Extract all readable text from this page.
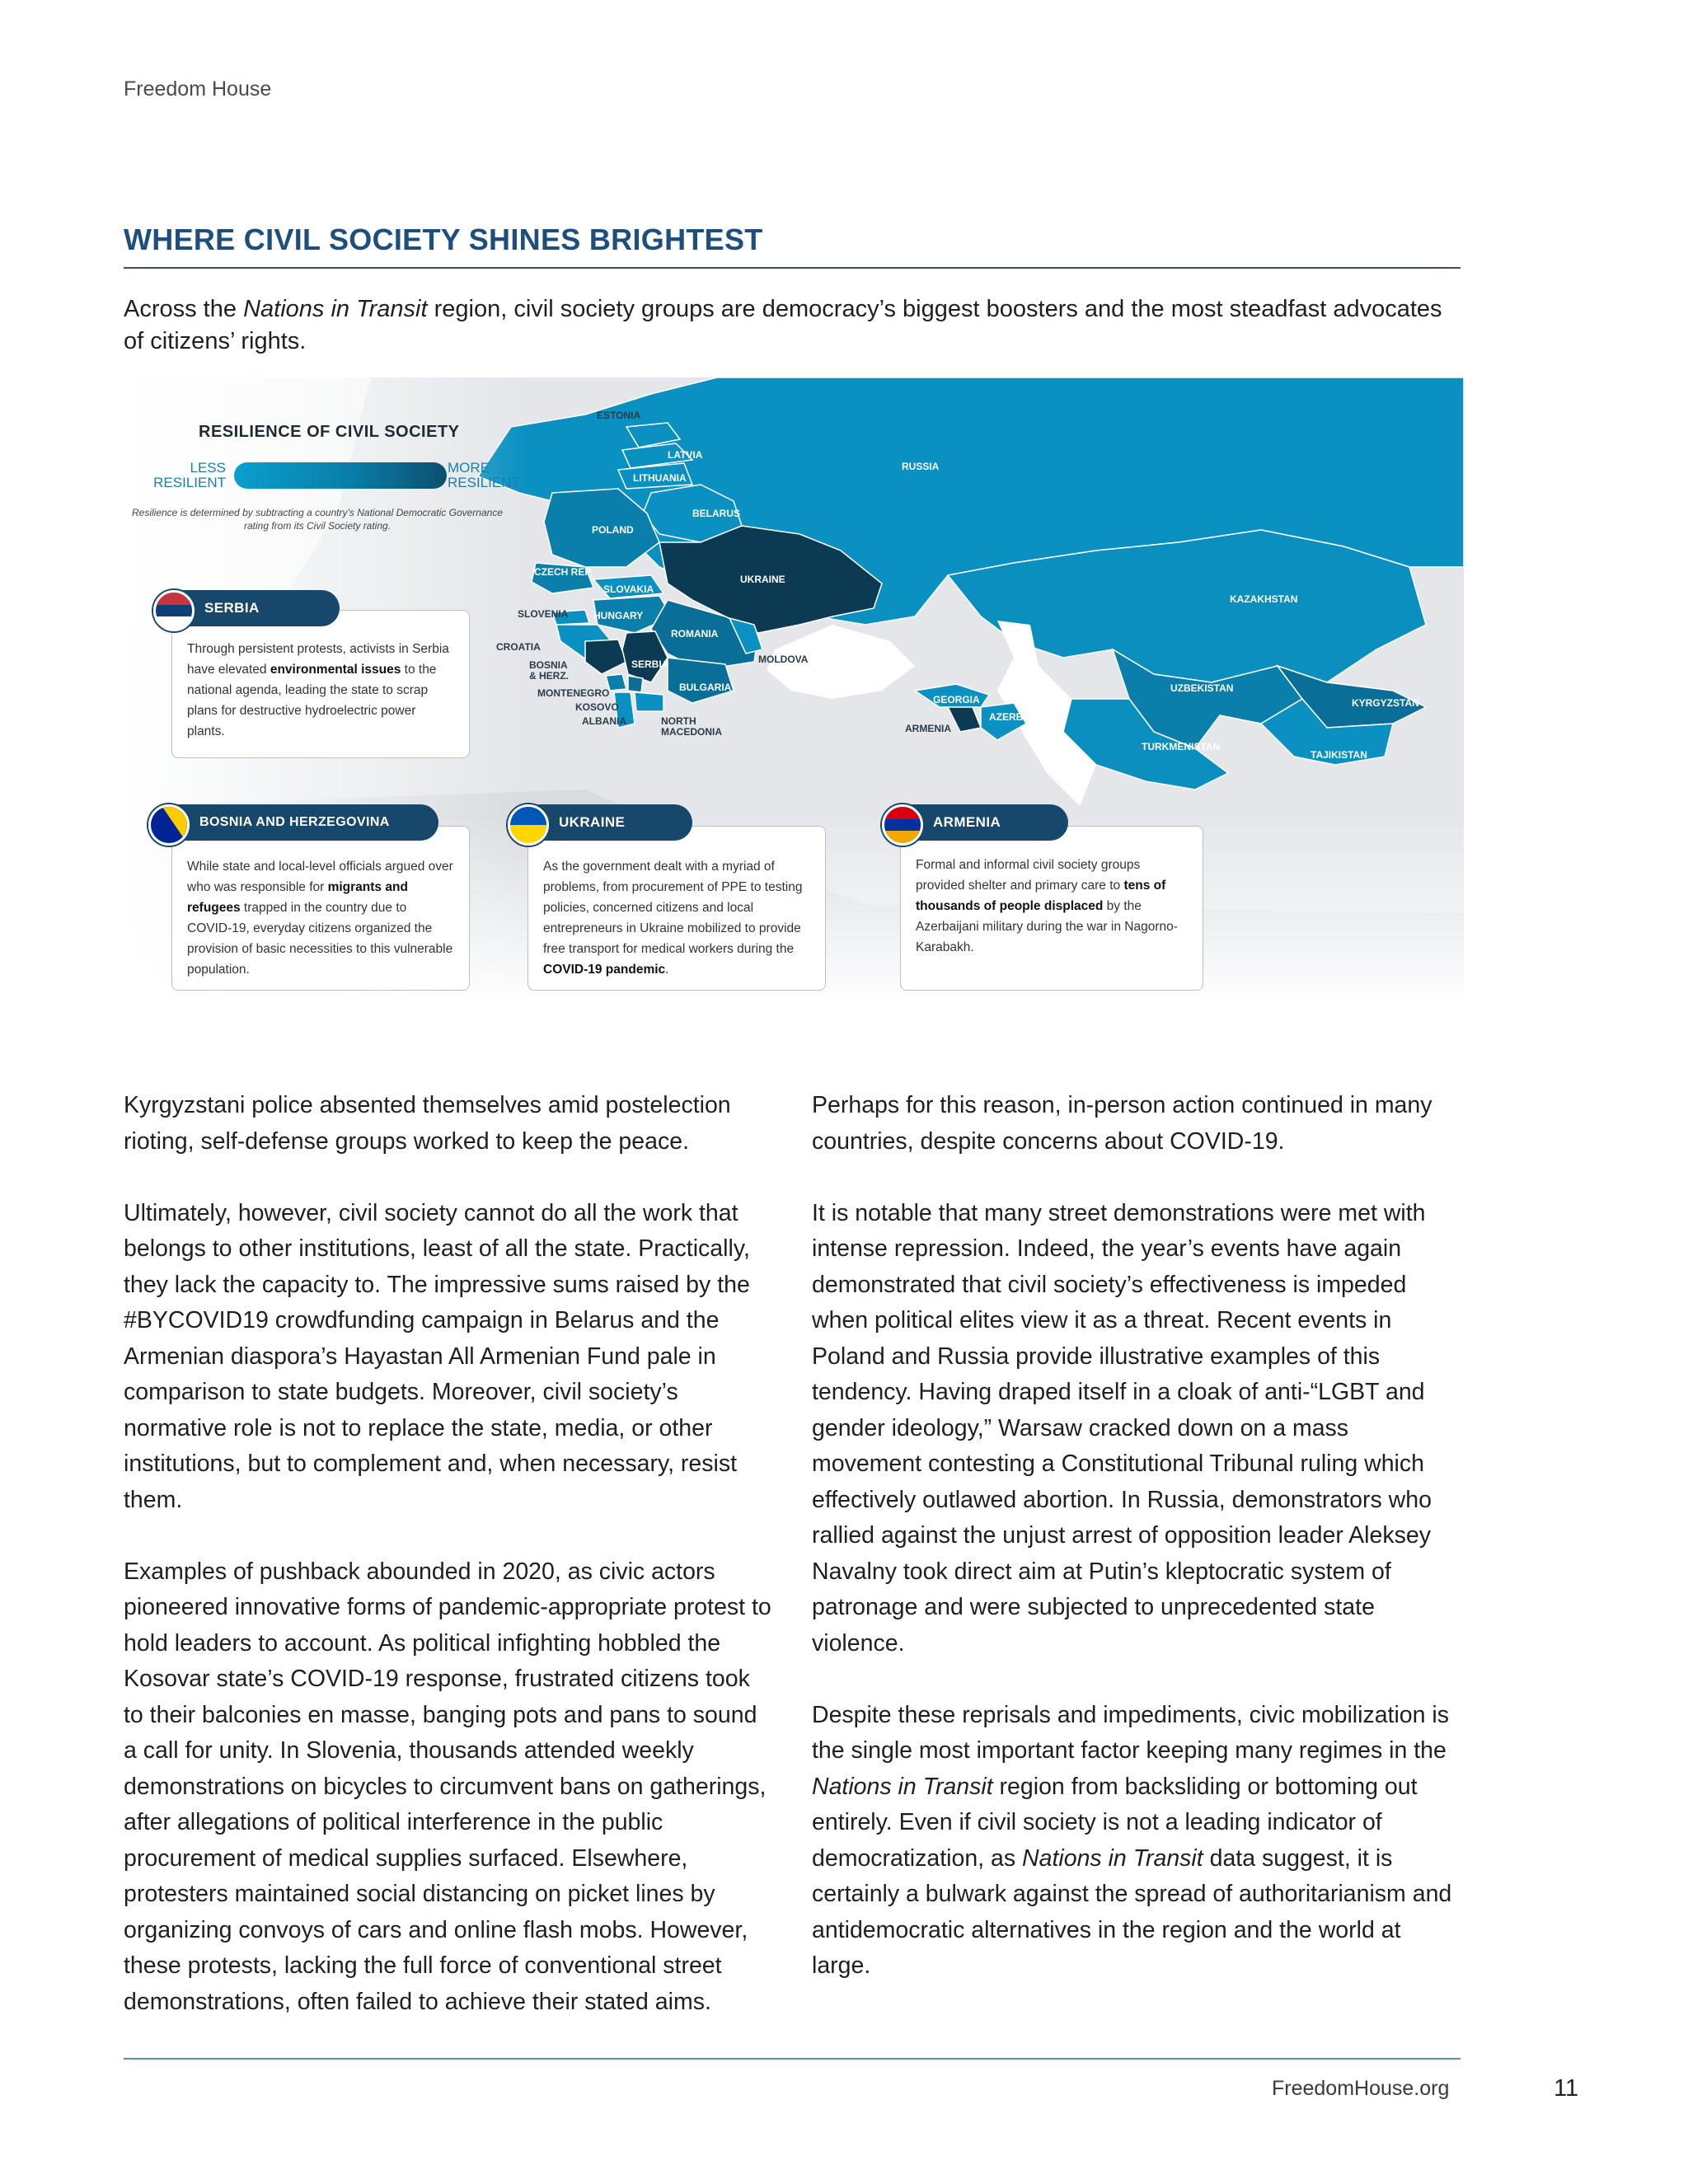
Freedom House
WHERE CIVIL SOCIETY SHINES BRIGHTEST
Across the Nations in Transit region, civil society groups are democracy’s biggest boosters and the most steadfast advocates of citizens’ rights.
ESTONIA
LATVIA
LITHUANIA
BELARUS
POLAND
CZECH REP.
SLOVAKIA
UKRAINE
SLOVENIA	HUNGARY
CROATIA
ROMANIA
BOSNIA
& HERZ.
SERBIA	MOLDOVA
MONTENEGRO	BULGARIA
KOSOVO
ALBANIA	NORTH
MACEDONIA
GEORGIA
ARMENIA
AZERBAIJAN
RUSSIA
KAZAKHSTAN
UZBEKISTAN
KYRGYZSTAN
TURKMENISTAN
TAJIKISTAN
RESILIENCE OF CIVIL SOCIETY
LESS RESILIENT
MORE RESILIENT
Resilience is determined by subtracting a country’s National Democratic Governance rating from its Civil Society rating.
Through persistent protests, activists in Serbia have elevated environmental issues to the national agenda, leading the state to scrap plans for destructive hydroelectric power plants.
SERBIA
While state and local-level officials argued over who was responsible for migrants and refugees trapped in the country due to COVID-19, everyday citizens organized the provision of basic necessities to this vulnerable population.
BOSNIA AND HERZEGOVINA
As the government dealt with a myriad of problems, from procurement of PPE to testing policies, concerned citizens and local entrepreneurs in Ukraine mobilized to provide free transport for medical workers during the COVID-19 pandemic.
UKRAINE
Formal and informal civil society groups provided shelter and primary care to tens of thousands of people displaced by the Azerbaijani military during the war in Nagorno-Karabakh.
ARMENIA

Kyrgyzstani police absented themselves amid postelection rioting, self-defense groups worked to keep the peace.

Ultimately, however, civil society cannot do all the work that belongs to other institutions, least of all the state. Practically, they lack the capacity to. The impressive sums raised by the #BYCOVID19 crowdfunding campaign in Belarus and the Armenian diaspora’s Hayastan All Armenian Fund pale in comparison to state budgets. Moreover, civil society’s normative role is not to replace the state, media, or other institutions, but to complement and, when necessary, resist them.

Examples of pushback abounded in 2020, as civic actors pioneered innovative forms of pandemic-appropriate protest to hold leaders to account. As political infighting hobbled the Kosovar state’s COVID-19 response, frustrated citizens took to their balconies en masse, banging pots and pans to sound a call for unity. In Slovenia, thousands attended weekly demonstrations on bicycles to circumvent bans on gatherings, after allegations of political interference in the public procurement of medical supplies surfaced. Elsewhere, protesters maintained social distancing on picket lines by organizing convoys of cars and online flash mobs. However, these protests, lacking the full force of conventional street demonstrations, often failed to achieve their stated aims.

Perhaps for this reason, in-person action continued in many countries, despite concerns about COVID-19.

It is notable that many street demonstrations were met with intense repression. Indeed, the year’s events have again demonstrated that civil society’s effectiveness is impeded when political elites view it as a threat. Recent events in Poland and Russia provide illustrative examples of this tendency. Having draped itself in a cloak of anti-“LGBT and gender ideology,” Warsaw cracked down on a mass movement contesting a Constitutional Tribunal ruling which effectively outlawed abortion. In Russia, demonstrators who rallied against the unjust arrest of opposition leader Aleksey Navalny took direct aim at Putin’s kleptocratic system of patronage and were subjected to unprecedented state violence.

Despite these reprisals and impediments, civic mobilization is the single most important factor keeping many regimes in the Nations in Transit region from backsliding or bottoming out entirely. Even if civil society is not a leading indicator of democratization, as Nations in Transit data suggest, it is certainly a bulwark against the spread of authoritarianism and antidemocratic alternatives in the region and the world at large.

FreedomHouse.org	11
